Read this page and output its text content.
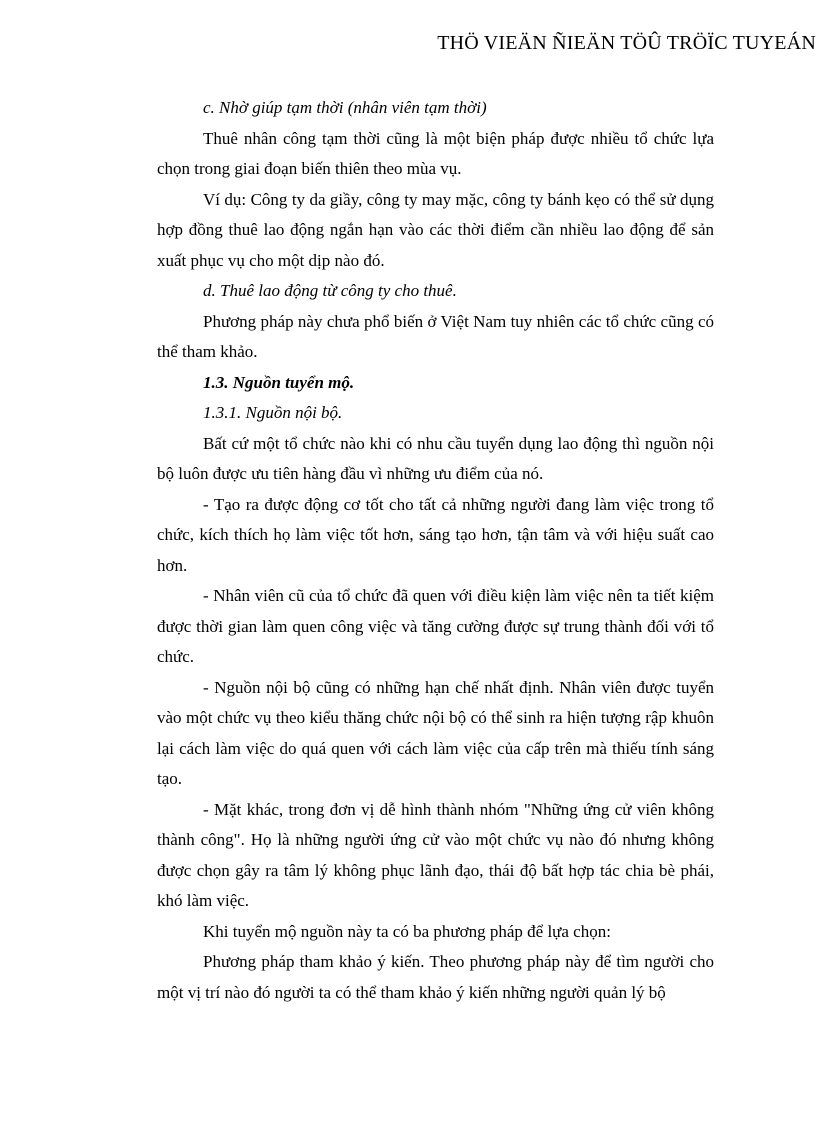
THÖ VIEÄN ÑIEÄN TÖÛ TRÖÏC TUYEÁN

c. Nhờ giúp tạm thời (nhân viên tạm thời)

Thuê nhân công tạm thời cũng là một biện pháp được nhiều tổ chức lựa chọn trong giai đoạn biến thiên theo mùa vụ.

Ví dụ: Công ty da giầy, công ty may mặc, công ty bánh kẹo có thể sử dụng hợp đồng thuê lao động ngắn hạn vào các thời điểm cần nhiều lao động để sản xuất phục vụ cho một dịp nào đó.

d. Thuê lao động từ công ty cho thuê.

Phương pháp này chưa phổ biến ở Việt Nam tuy nhiên các tổ chức cũng có thể tham khảo.

1.3. Nguồn tuyển mộ.

1.3.1. Nguồn nội bộ.

Bất cứ một tổ chức nào khi có nhu cầu tuyển dụng lao động thì nguồn nội bộ luôn được ưu tiên hàng đầu vì những ưu điểm của nó.

- Tạo ra được động cơ tốt cho tất cả những người đang làm việc trong tổ chức, kích thích họ làm việc tốt hơn, sáng tạo hơn, tận tâm và với hiệu suất cao hơn.

- Nhân viên cũ của tổ chức đã quen với điều kiện làm việc nên ta tiết kiệm được thời gian làm quen công việc và tăng cường được sự trung thành đối với tổ chức.

- Nguồn nội bộ cũng có những hạn chế nhất định. Nhân viên được tuyển vào một chức vụ theo kiểu thăng chức nội bộ có thể sinh ra hiện tượng rập khuôn lại cách làm việc do quá quen với cách làm việc của cấp trên mà thiếu tính sáng tạo.

- Mặt khác, trong đơn vị dễ hình thành nhóm "Những ứng cử viên không thành công". Họ là những người ứng cử vào một chức vụ nào đó nhưng không được chọn gây ra tâm lý không phục lãnh đạo, thái độ bất hợp tác chia bè phái, khó làm việc.

Khi tuyển mộ nguồn này ta có ba phương pháp để lựa chọn:

Phương pháp tham khảo ý kiến. Theo phương pháp này để tìm người cho một vị trí nào đó người ta có thể tham khảo ý kiến những người quản lý bộ
